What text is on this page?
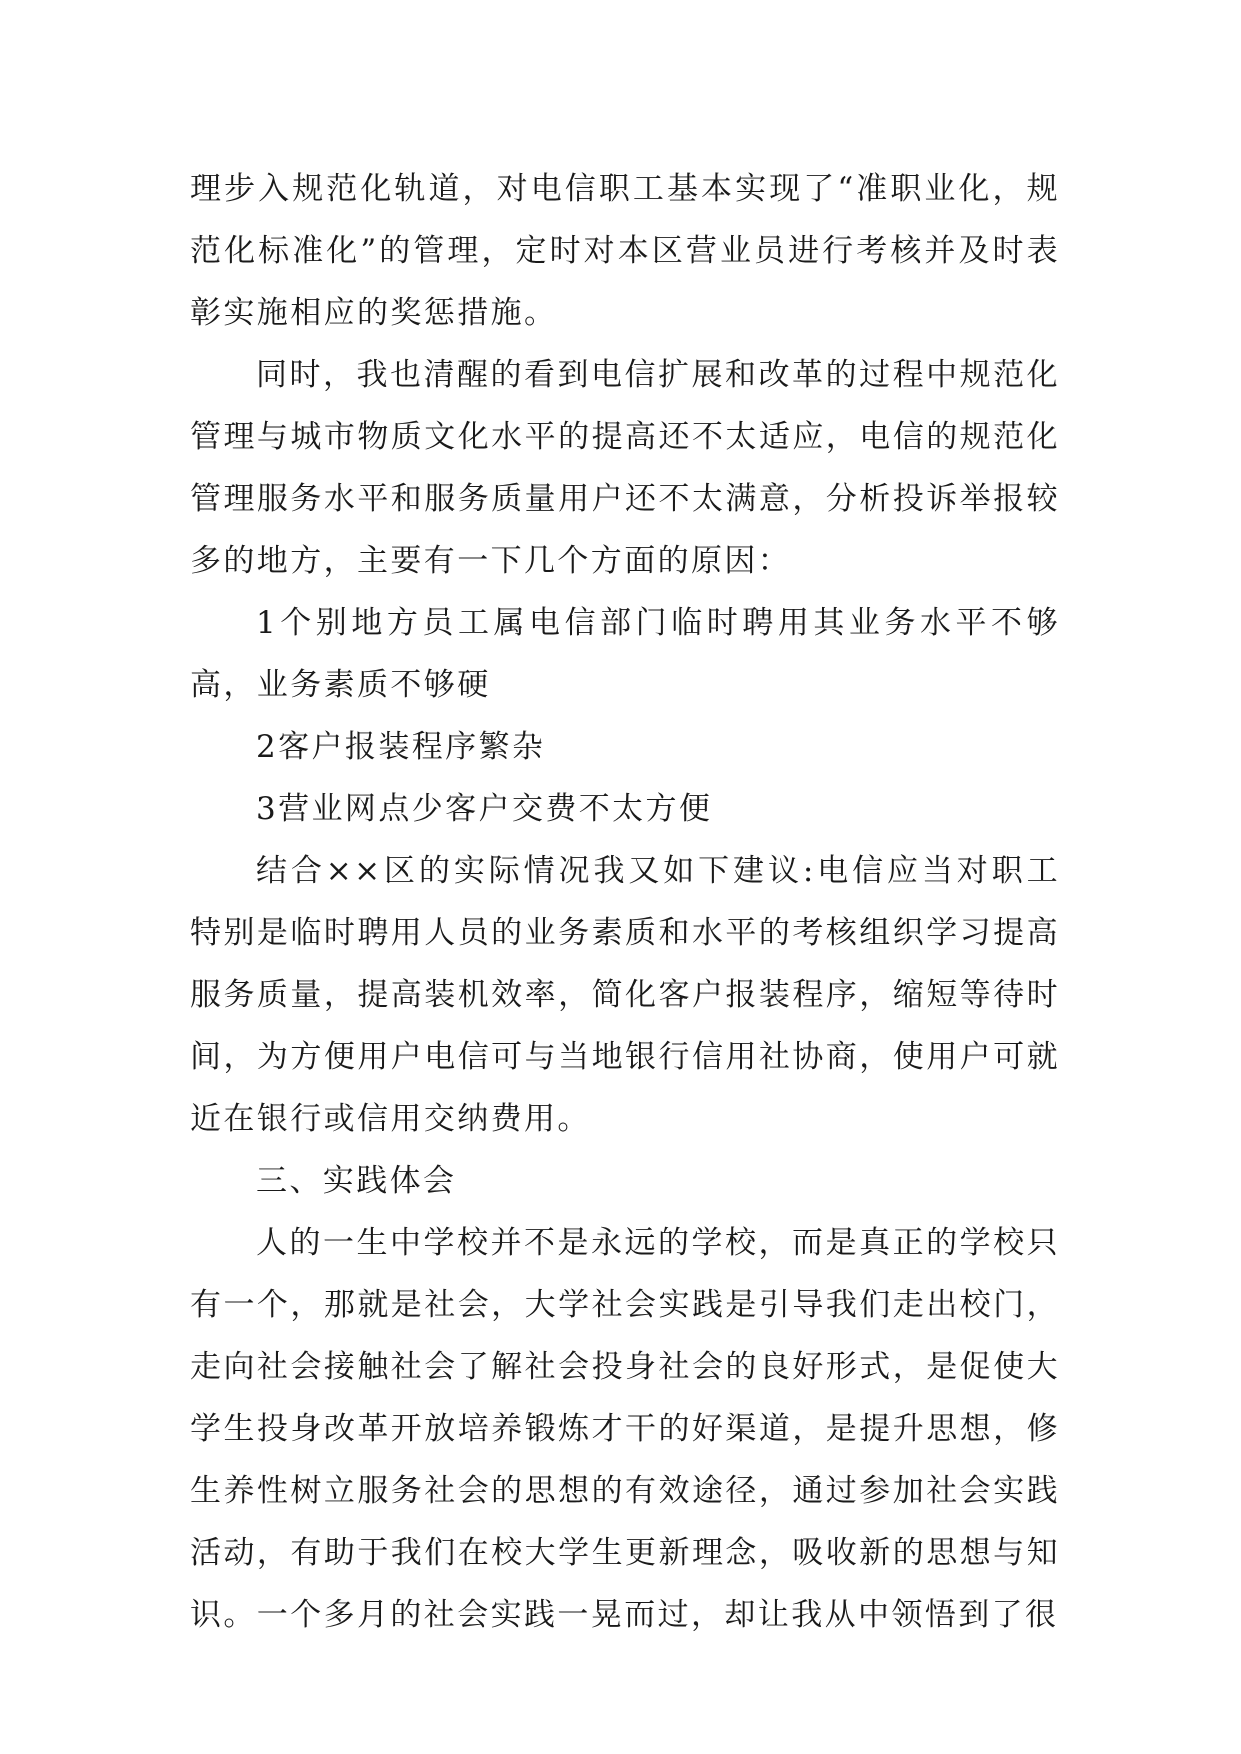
理步入规范化轨道，对电信职工基本实现了“准职业化，规范化标准化”的管理，定时对本区营业员进行考核并及时表彰实施相应的奖惩措施。

同时，我也清醒的看到电信扩展和改革的过程中规范化管理与城市物质文化水平的提高还不太适应，电信的规范化管理服务水平和服务质量用户还不太满意，分析投诉举报较多的地方，主要有一下几个方面的原因：

1个别地方员工属电信部门临时聘用其业务水平不够高，业务素质不够硬

2客户报装程序繁杂

3营业网点少客户交费不太方便

结合××区的实际情况我又如下建议:电信应当对职工特别是临时聘用人员的业务素质和水平的考核组织学习提高服务质量，提高装机效率，简化客户报装程序，缩短等待时间，为方便用户电信可与当地银行信用社协商，使用户可就近在银行或信用交纳费用。

三、实践体会

人的一生中学校并不是永远的学校，而是真正的学校只有一个，那就是社会，大学社会实践是引导我们走出校门，走向社会接触社会了解社会投身社会的良好形式，是促使大学生投身改革开放培养锻炼才干的好渠道，是提升思想，修生养性树立服务社会的思想的有效途径，通过参加社会实践活动，有助于我们在校大学生更新理念，吸收新的思想与知识。一个多月的社会实践一晃而过，却让我从中领悟到了很
